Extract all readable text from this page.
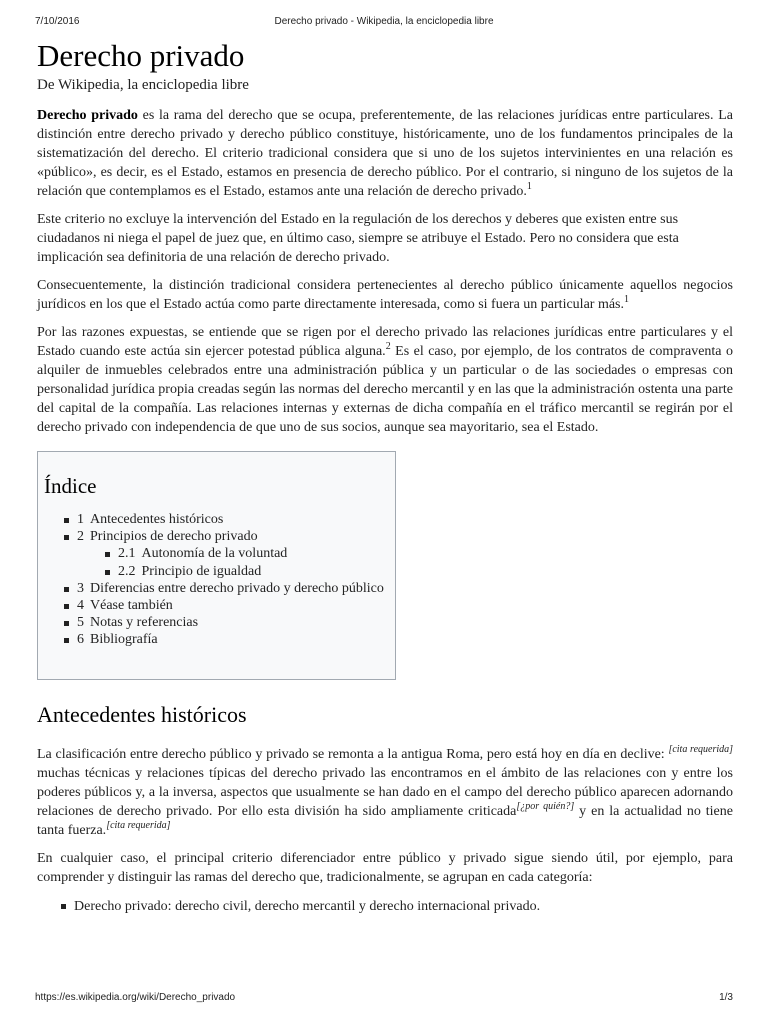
7/10/2016	Derecho privado - Wikipedia, la enciclopedia libre
Derecho privado
De Wikipedia, la enciclopedia libre

Derecho privado es la rama del derecho que se ocupa, preferentemente, de las relaciones jurídicas entre particulares. La distinción entre derecho privado y derecho público constituye, históricamente, uno de los fundamentos principales de la sistematización del derecho. El criterio tradicional considera que si uno de los sujetos intervinientes en una relación es «público», es decir, es el Estado, estamos en presencia de derecho público. Por el contrario, si ninguno de los sujetos de la relación que contemplamos es el Estado, estamos ante una relación de derecho privado.$^1$

Este criterio no excluye la intervención del Estado en la regulación de los derechos y deberes que existen entre sus ciudadanos ni niega el papel de juez que, en último caso, siempre se atribuye el Estado. Pero no considera que esta implicación sea definitoria de una relación de derecho privado.

Consecuentemente, la distinción tradicional considera pertenecientes al derecho público únicamente aquellos negocios jurídicos en los que el Estado actúa como parte directamente interesada, como si fuera un particular más.$^1$

Por las razones expuestas, se entiende que se rigen por el derecho privado las relaciones jurídicas entre particulares y el Estado cuando este actúa sin ejercer potestad pública alguna.$^2$ Es el caso, por ejemplo, de los contratos de compraventa o alquiler de inmuebles celebrados entre una administración pública y un particular o de las sociedades o empresas con personalidad jurídica propia creadas según las normas del derecho mercantil y en las que la administración ostenta una parte del capital de la compañía. Las relaciones internas y externas de dicha compañía en el tráfico mercantil se regirán por el derecho privado con independencia de que uno de sus socios, aunque sea mayoritario, sea el Estado.

Índice
1 Antecedentes históricos
2 Principios de derecho privado
2.1 Autonomía de la voluntad
2.2 Principio de igualdad
3 Diferencias entre derecho privado y derecho público
4 Véase también
5 Notas y referencias
6 Bibliografía
Antecedentes históricos

La clasificación entre derecho público y privado se remonta a la antigua Roma, pero está hoy en día en declive: [cita requerida] muchas técnicas y relaciones típicas del derecho privado las encontramos en el ámbito de las relaciones con y entre los poderes públicos y, a la inversa, aspectos que usualmente se han dado en el campo del derecho público aparecen adornando relaciones de derecho privado. Por ello esta división ha sido ampliamente criticada[¿por quién?] y en la actualidad no tiene tanta fuerza.[cita requerida]

En cualquier caso, el principal criterio diferenciador entre público y privado sigue siendo útil, por ejemplo, para comprender y distinguir las ramas del derecho que, tradicionalmente, se agrupan en cada categoría:

Derecho privado: derecho civil, derecho mercantil y derecho internacional privado.
https://es.wikipedia.org/wiki/Derecho_privado	1/3
